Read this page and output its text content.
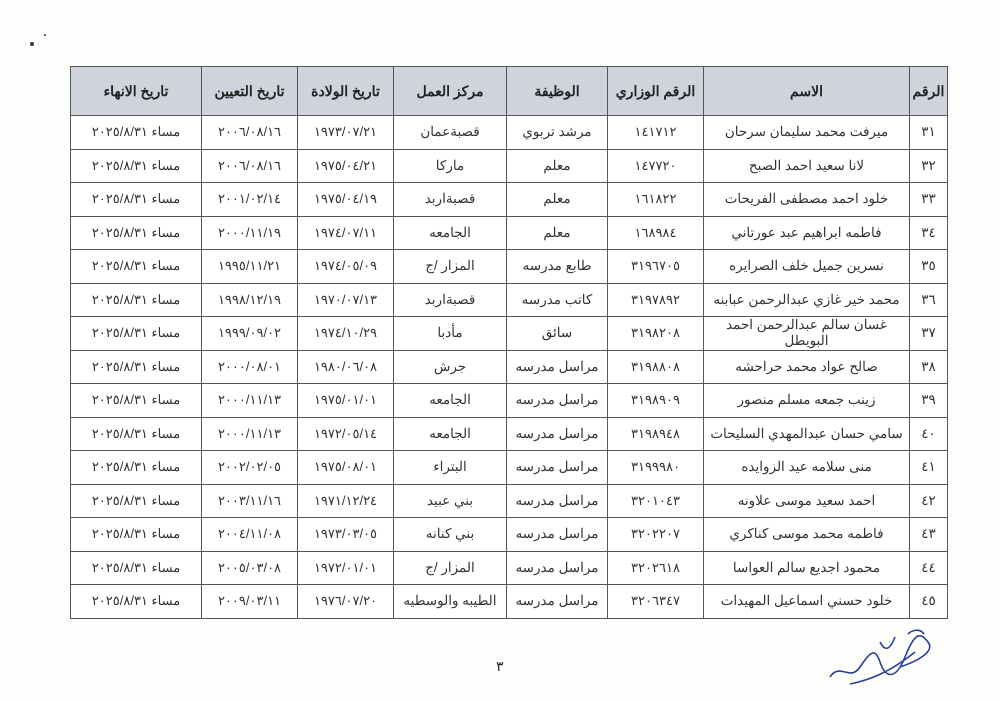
الرقم	الاسم	الرقم الوزاري	الوظيفة	مركز العمل	تاريخ الولادة	تاريخ التعيين	تاريخ الانهاء
٣١	ميرفت محمد سليمان سرحان	١٤١٧١٢	مرشد تربوي	قصبةعمان	١٩٧٣/٠٧/٢١	٢٠٠٦/٠٨/١٦	مساء ٢٠٢٥/٨/٣١
٣٢	لانا سعيد احمد الصبح	١٤٧٧٢٠	معلم	ماركا	١٩٧٥/٠٤/٢١	٢٠٠٦/٠٨/١٦	مساء ٢٠٢٥/٨/٣١
٣٣	خلود احمد مصطفى الفريحات	١٦١٨٢٢	معلم	قصبةاربد	١٩٧٥/٠٤/١٩	٢٠٠١/٠٢/١٤	مساء ٢٠٢٥/٨/٣١
٣٤	فاطمه ابراهيم عبد عورتاني	١٦٨٩٨٤	معلم	الجامعه	١٩٧٤/٠٧/١١	٢٠٠٠/١١/١٩	مساء ٢٠٢٥/٨/٣١
٣٥	نسرين جميل خلف الصرايره	٣١٩٦٧٠٥	طابع مدرسه	المزار /ج	١٩٧٤/٠٥/٠٩	١٩٩٥/١١/٢١	مساء ٢٠٢٥/٨/٣١
٣٦	محمد خير غازي عبدالرحمن عبابنه	٣١٩٧٨٩٢	كاتب مدرسه	قصبةاربد	١٩٧٠/٠٧/١٣	١٩٩٨/١٢/١٩	مساء ٢٠٢٥/٨/٣١
٣٧	غسان سالم عبدالرحمن احمد البويطل	٣١٩٨٢٠٨	سائق	مأدبا	١٩٧٤/١٠/٢٩	١٩٩٩/٠٩/٠٢	مساء ٢٠٢٥/٨/٣١
٣٨	صالح عواد محمد حراحشه	٣١٩٨٨٠٨	مراسل مدرسه	جرش	١٩٨٠/٠٦/٠٨	٢٠٠٠/٠٨/٠١	مساء ٢٠٢٥/٨/٣١
٣٩	زينب جمعه مسلم منصور	٣١٩٨٩٠٩	مراسل مدرسه	الجامعه	١٩٧٥/٠١/٠١	٢٠٠٠/١١/١٣	مساء ٢٠٢٥/٨/٣١
٤٠	سامي حسان عبدالمهدي السليحات	٣١٩٨٩٤٨	مراسل مدرسه	الجامعه	١٩٧٢/٠٥/١٤	٢٠٠٠/١١/١٣	مساء ٢٠٢٥/٨/٣١
٤١	منى سلامه عيد الزوايده	٣١٩٩٩٨٠	مراسل مدرسه	البتراء	١٩٧٥/٠٨/٠١	٢٠٠٢/٠٢/٠٥	مساء ٢٠٢٥/٨/٣١
٤٢	احمد سعيد موسى علاونه	٣٢٠١٠٤٣	مراسل مدرسه	بني عبيد	١٩٧١/١٢/٢٤	٢٠٠٣/١١/١٦	مساء ٢٠٢٥/٨/٣١
٤٣	فاطمه محمد موسى كناكري	٣٢٠٢٢٠٧	مراسل مدرسه	بني كنانه	١٩٧٣/٠٣/٠٥	٢٠٠٤/١١/٠٨	مساء ٢٠٢٥/٨/٣١
٤٤	محمود اجديع سالم العواسا	٣٢٠٢٦١٨	مراسل مدرسه	المزار /ج	١٩٧٢/٠١/٠١	٢٠٠٥/٠٣/٠٨	مساء ٢٠٢٥/٨/٣١
٤٥	خلود حسني اسماعيل المهيدات	٣٢٠٦٣٤٧	مراسل مدرسه	الطيبه والوسطيه	١٩٧٦/٠٧/٢٠	٢٠٠٩/٠٣/١١	مساء ٢٠٢٥/٨/٣١
٣
